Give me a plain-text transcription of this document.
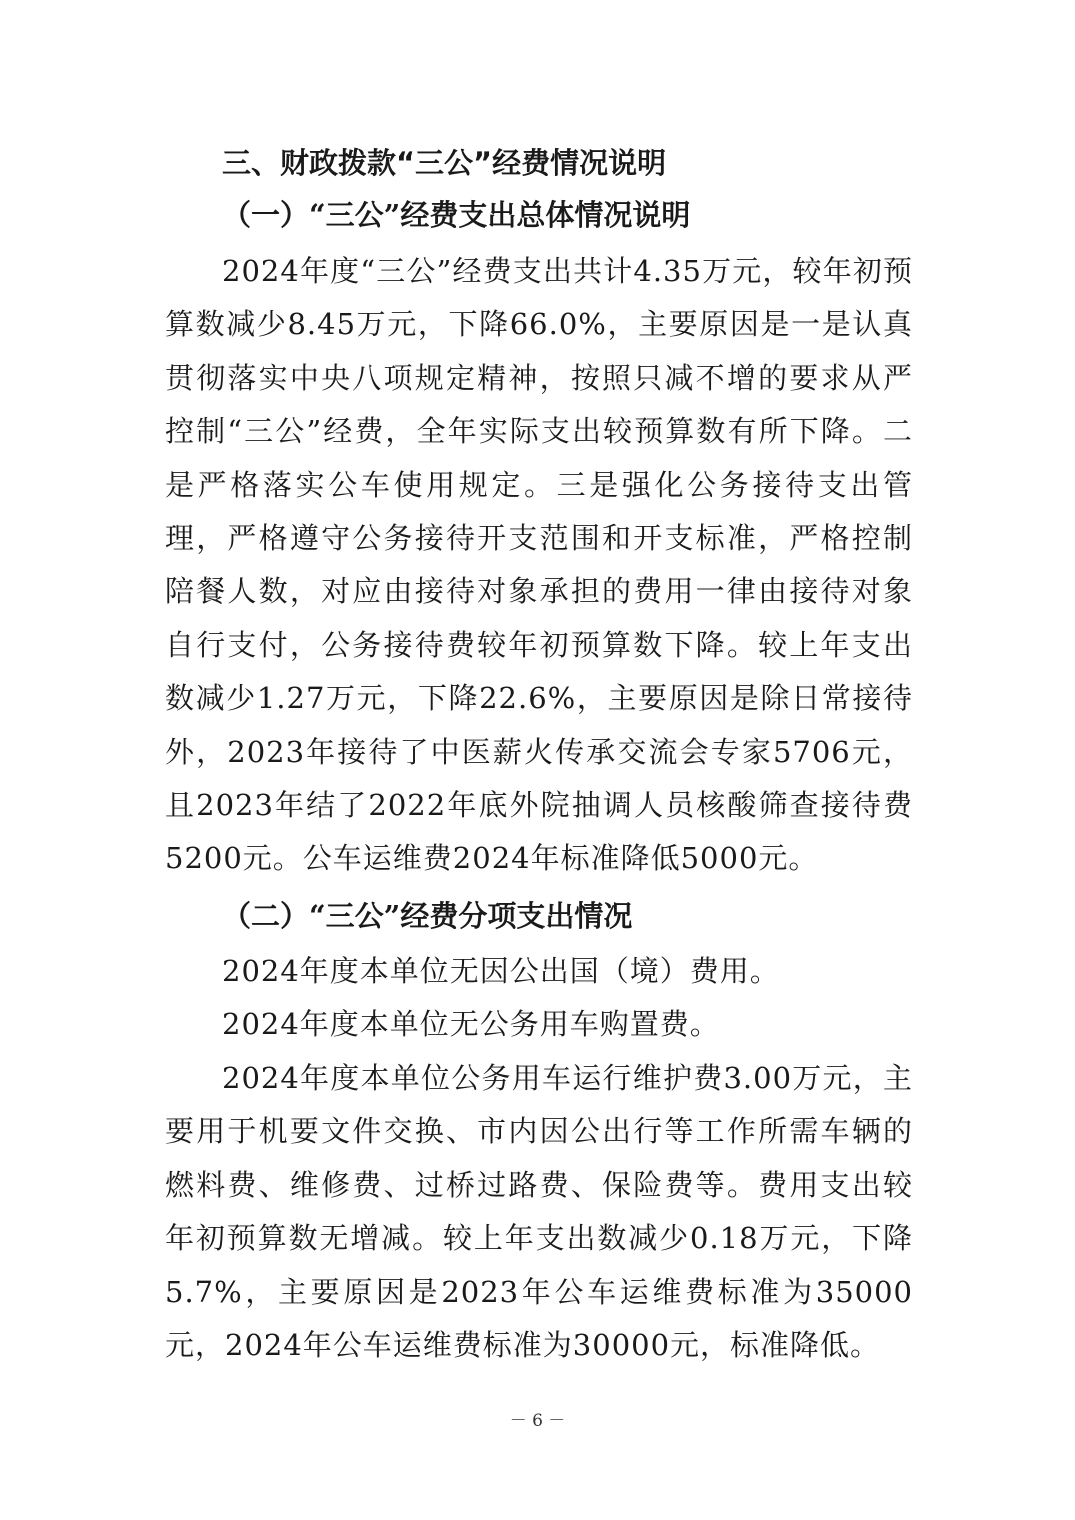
三、财政拨款“三公”经费情况说明
（一）“三公”经费支出总体情况说明

2024年度“三公”经费支出共计4.35万元，较年初预算数减少8.45万元，下降66.0%，主要原因是一是认真贯彻落实中央八项规定精神，按照只减不增的要求从严控制“三公”经费，全年实际支出较预算数有所下降。二是严格落实公车使用规定。三是强化公务接待支出管理，严格遵守公务接待开支范围和开支标准，严格控制陪餐人数，对应由接待对象承担的费用一律由接待对象自行支付，公务接待费较年初预算数下降。较上年支出数减少1.27万元，下降22.6%，主要原因是除日常接待外，2023年接待了中医薪火传承交流会专家5706元，且2023年结了2022年底外院抽调人员核酸筛查接待费5200元。公车运维费2024年标准降低5000元。

（二）“三公”经费分项支出情况

2024年度本单位无因公出国（境）费用。

2024年度本单位无公务用车购置费。

2024年度本单位公务用车运行维护费3.00万元，主要用于机要文件交换、市内因公出行等工作所需车辆的燃料费、维修费、过桥过路费、保险费等。费用支出较年初预算数无增减。较上年支出数减少0.18万元，下降5.7%，主要原因是2023年公车运维费标准为35000元，2024年公车运维费标准为30000元，标准降低。

－ 6 －
